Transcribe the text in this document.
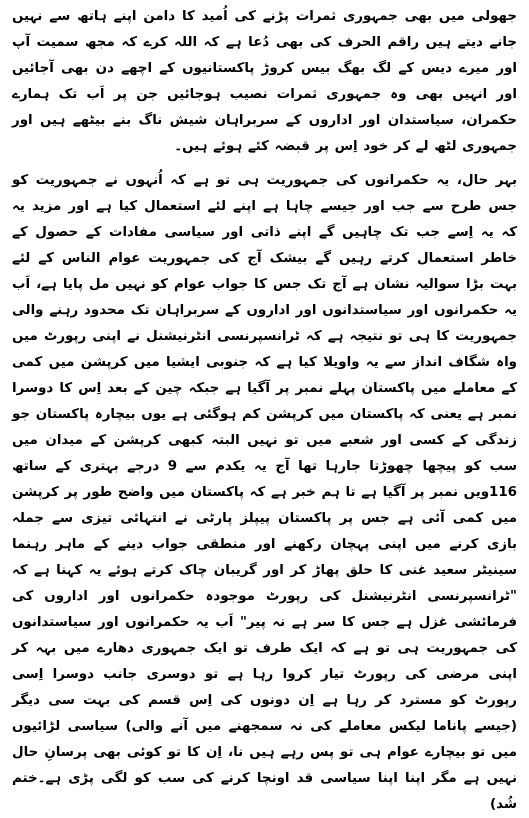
جھولی میں بھی جمہوری ثمرات پڑنے کی اُمید کا دامن اپنے ہاتھ سے نہیں جانے دیتے ہیں راقم الحرف کی بھی دُعا ہے کہ اللہ کرے کہ مجھ سمیت آپ اور میرے دیس کے لگ بھگ بیس کروڑ پاکستانیوں کے اچھے دن بھی آجائیں اور انہیں بھی وہ جمہوری ثمرات نصیب ہوجائیں جن پر اَب تک ہمارے حکمران، سیاستدان اور اداروں کے سربراہان شیش ناگ بنے بیٹھے ہیں اور جمہوری لٹھ لے کر خود اِس پر قبضہ کئے ہوئے ہیں۔

بہر حال، یہ حکمرانوں کی جمہوریت ہی تو ہے کہ اُنہوں نے جمہوریت کو جس طرح سے جب اور جیسے چاہا ہے اپنے لئے استعمال کیا ہے اور مزید یہ کہ یہ اِسے جب تک چاہیں گے اپنے ذاتی اور سیاسی مفادات کے حصول کے خاطر استعمال کرتے رہیں گے بیشک آج کی جمہوریت عوام الناس کے لئے بہت بڑا سوالیہ نشان ہے آج تک جس کا جواب عوام کو نہیں مل پایا ہے، اَب یہ حکمرانوں اور سیاستدانوں اور اداروں کے سربراہان تک محدود رہنے والی جمہوریت کا ہی تو نتیجہ ہے کہ ٹرانسپرنسی انٹرنیشنل نے اپنی رپورٹ میں واہ شگاف انداز سے یہ واویلا کیا ہے کہ جنوبی ایشیا میں کرپشن میں کمی کے معاملے میں پاکستان پہلے نمبر پر آگیا ہے جبکہ چین کے بعد اِس کا دوسرا نمبر ہے یعنی کہ پاکستان میں کرپشن کم ہوگئی ہے یوں بیچارہ پاکستان جو زندگی کے کسی اور شعبے میں تو نہیں البتہ کبھی کرپشن کے میدان میں سب کو پیچھا چھوڑتا جارہا تھا آج یہ یکدم سے 9 درجے بہتری کے ساتھ 116ویں نمبر پر آگیا ہے تا ہم خبر ہے کہ پاکستان میں واضح طور پر کرپشن میں کمی آئی ہے جس پر پاکستان پیپلز پارٹی نے انتہائی تیزی سے جملہ بازی کرنے میں اپنی پہچان رکھنے اور منطقی جواب دینے کے ماہر رہنما سینیٹر سعید غنی کا حلق پھاڑ کر اور گریبان چاک کرتے ہوئے یہ کہنا ہے کہ "ٹرانسپرنسی انٹرنیشنل کی رپورٹ موجودہ حکمرانوں اور اداروں کی فرمائشی غزل ہے جس کا سر ہے نہ پیر" اَب یہ حکمرانوں اور سیاستدانوں کی جمہوریت ہی تو ہے کہ ایک طرف تو ایک جمہوری دھارے میں بہہ کر اپنی مرضی کی رپورٹ تیار کروا رہا ہے تو دوسری جانب دوسرا اِسی رپورٹ کو مسترد کر رہا ہے اِن دونوں کی اِس قسم کی بہت سی دیگر (جیسے پاناما لیکس معاملے کی نہ سمجھنے میں آنے والی) سیاسی لڑائیوں میں تو بیچارے عوام ہی تو پس رہے ہیں نا، اِن کا تو کوئی بھی پرسانِ حال نہیں ہے مگر اپنا اپنا سیاسی قد اونچا کرنے کی سب کو لگی پڑی ہے۔ختم شُد)
